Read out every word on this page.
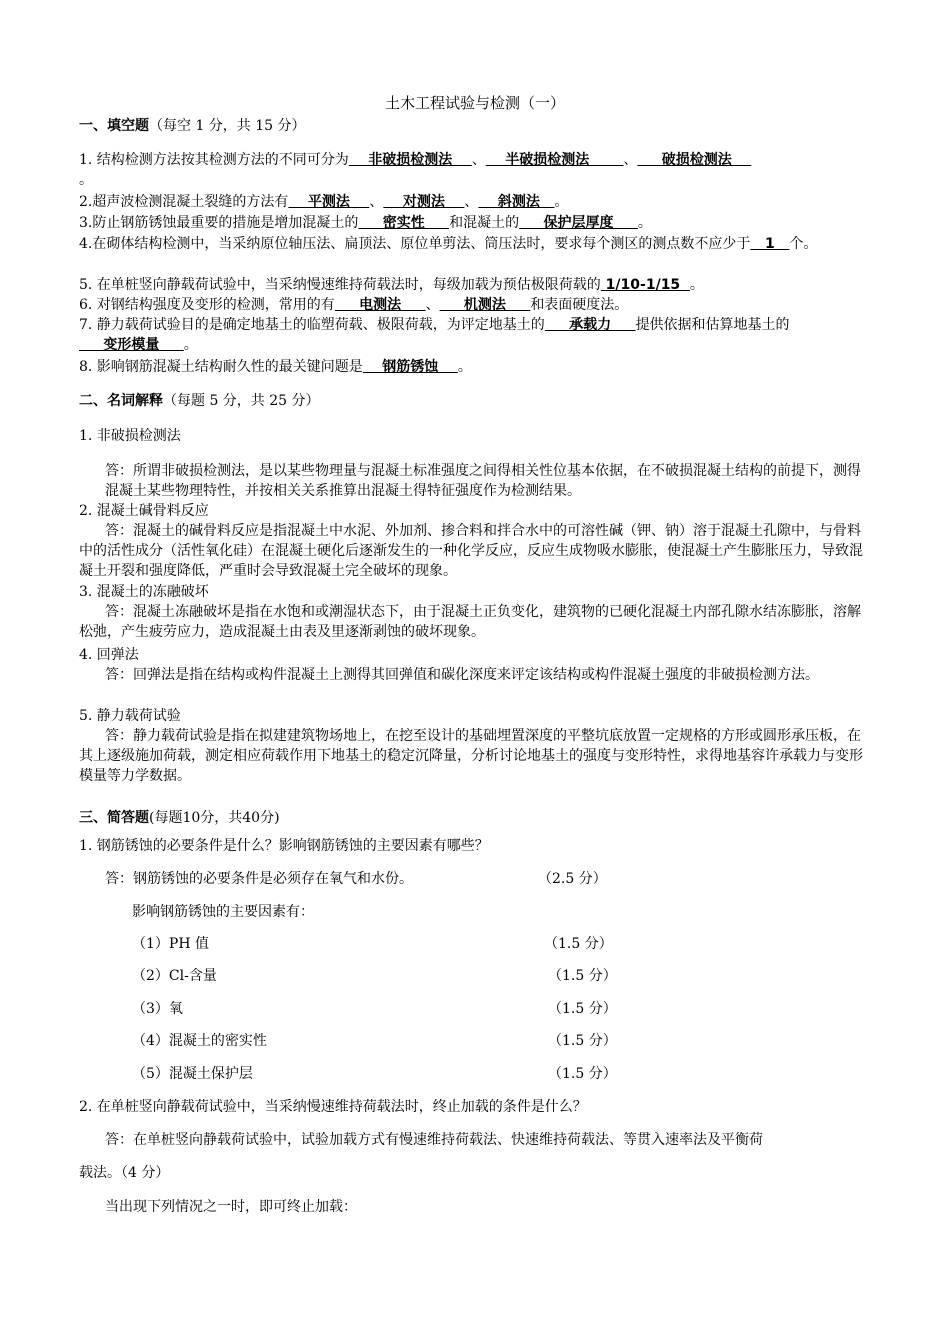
土木工程试验与检测（一）
一、填空题（每空 1 分，共 15 分）
1. 结构检测方法按其检测方法的不同可分为    非破损检测法    、    半破损检测法       、     破损检测法
。
2.超声波检测混凝土裂缝的方法有    平测法    、    对测法    、    斜测法   。
3.防止钢筋锈蚀最重要的措施是增加混凝土的     密实性     和混凝土的     保护层厚度     。
4.在砌体结构检测中，当采纳原位轴压法、扁顶法、原位单剪法、筒压法时，要求每个测区的测点数不应少于   1   个。
5. 在单桩竖向静载荷试验中，当采纳慢速维持荷载法时，每级加载为预估极限荷载的 1/10-1/15  。
6. 对钢结构强度及变形的检测，常用的有     电测法     、     机测法     和表面硬度法。
7. 静力载荷试验目的是确定地基土的临塑荷载、极限荷载，为评定地基土的     承载力     提供依据和估算地基土的     变形模量     。
8. 影响钢筋混凝土结构耐久性的最关键问题是    钢筋锈蚀    。
二、名词解释（每题 5 分，共 25 分）
1. 非破损检测法
答：所谓非破损检测法，是以某些物理量与混凝土标准强度之间得相关性位基本依据，在不破损混凝土结构的前提下，测得混凝土某些物理特性，并按相关关系推算出混凝土得特征强度作为检测结果。
2. 混凝土碱骨料反应
答：混凝土的碱骨料反应是指混凝土中水泥、外加剂、掺合料和拌合水中的可溶性碱（钾、钠）溶于混凝土孔隙中，与骨料中的活性成分（活性氧化硅）在混凝土硬化后逐渐发生的一种化学反应，反应生成物吸水膨胀，使混凝土产生膨胀压力，导致混凝土开裂和强度降低，严重时会导致混凝土完全破坏的现象。
3. 混凝土的冻融破坏
答：混凝土冻融破坏是指在水饱和或潮湿状态下，由于混凝土正负变化，建筑物的已硬化混凝土内部孔隙水结冻膨胀，溶解松弛，产生疲劳应力，造成混凝土由表及里逐渐剥蚀的破坏现象。
4. 回弹法
答：回弹法是指在结构或构件混凝土上测得其回弹值和碳化深度来评定该结构或构件混凝土强度的非破损检测方法。
5. 静力载荷试验
答：静力载荷试验是指在拟建建筑物场地上，在挖至设计的基础埋置深度的平整坑底放置一定规格的方形或圆形承压板，在其上逐级施加荷载，测定相应荷载作用下地基土的稳定沉降量，分析讨论地基土的强度与变形特性，求得地基容许承载力与变形模量等力学数据。
三、简答题(每题10分，共40分)
1. 钢筋锈蚀的必要条件是什么？影响钢筋锈蚀的主要因素有哪些？
答：钢筋锈蚀的必要条件是必须存在氧气和水份。	（2.5 分）
影响钢筋锈蚀的主要因素有：
（1）PH 值	（1.5 分）
（2）Cl-含量	（1.5 分）
（3）氧	（1.5 分）
（4）混凝土的密实性	（1.5 分）
（5）混凝土保护层	（1.5 分）
2. 在单桩竖向静载荷试验中，当采纳慢速维持荷载法时，终止加载的条件是什么？
答：在单桩竖向静载荷试验中，试验加载方式有慢速维持荷载法、快速维持荷载法、等贯入速率法及平衡荷
载法。（4 分）
当出现下列情况之一时，即可终止加载：
